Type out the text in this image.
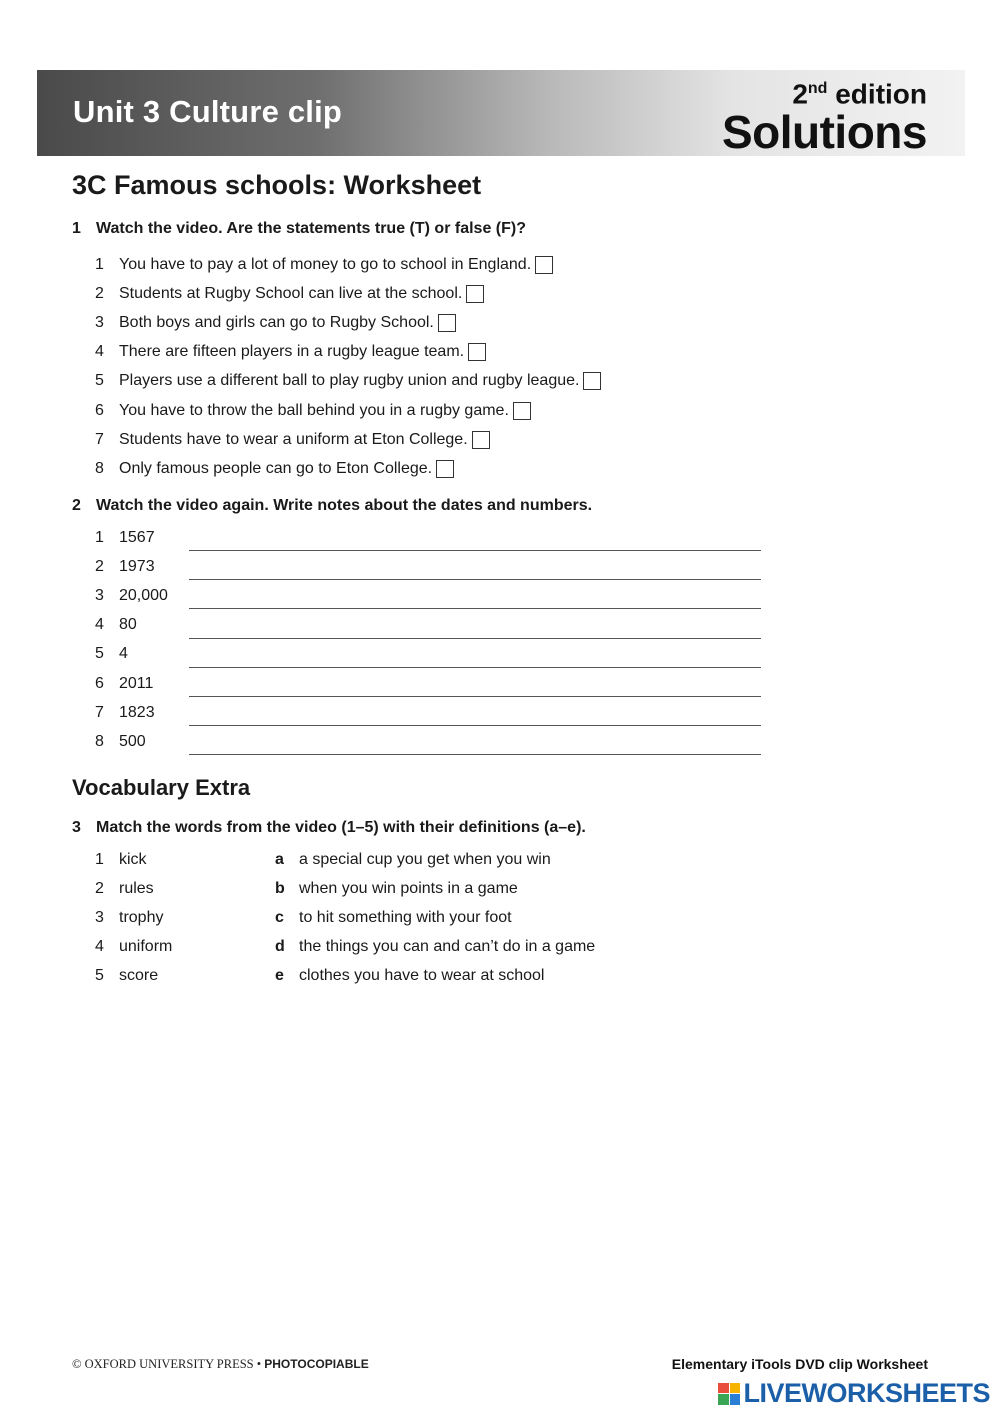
Unit 3 Culture clip
2nd edition
Solutions
3C Famous schools: Worksheet
1 Watch the video. Are the statements true (T) or false (F)?
1 You have to pay a lot of money to go to school in England.
2 Students at Rugby School can live at the school.
3 Both boys and girls can go to Rugby School.
4 There are fifteen players in a rugby league team.
5 Players use a different ball to play rugby union and rugby league.
6 You have to throw the ball behind you in a rugby game.
7 Students have to wear a uniform at Eton College.
8 Only famous people can go to Eton College.
2 Watch the video again. Write notes about the dates and numbers.
1 1567
2 1973
3 20,000
4 80
5 4
6 2011
7 1823
8 500
Vocabulary Extra
3 Match the words from the video (1–5) with their definitions (a–e).
1 kick	a a special cup you get when you win
2 rules	b when you win points in a game
3 trophy	c to hit something with your foot
4 uniform	d the things you can and can’t do in a game
5 score	e clothes you have to wear at school
© OXFORD UNIVERSITY PRESS • PHOTOCOPIABLE	Elementary iTools DVD clip Worksheet
LIVEWORKSHEETS
